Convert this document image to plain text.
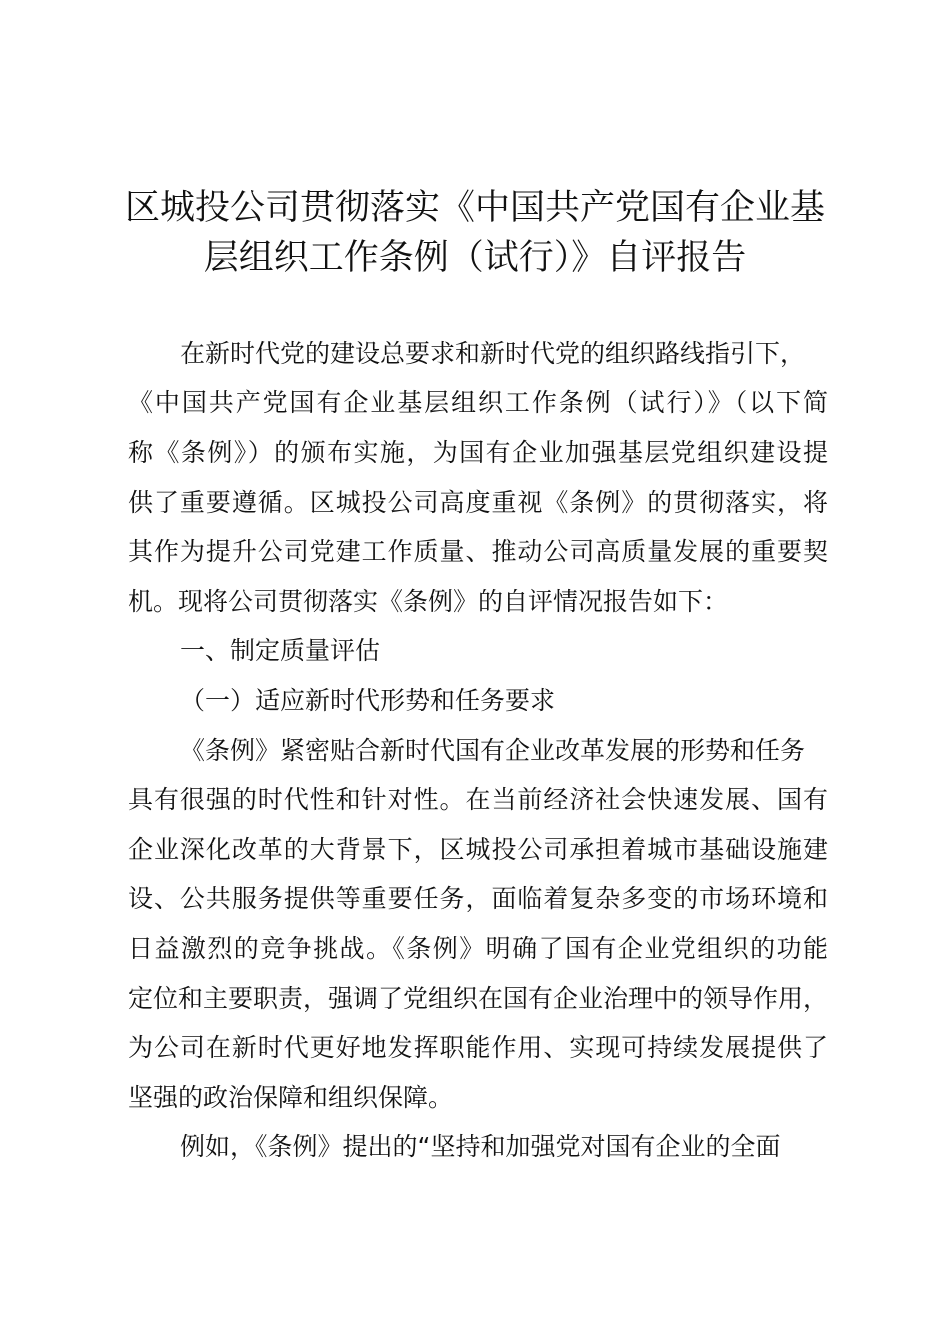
区城投公司贯彻落实《中国共产党国有企业基
层组织工作条例（试行）》自评报告

在新时代党的建设总要求和新时代党的组织路线指引下，

《中国共产党国有企业基层组织工作条例（试行）》（以下简

称《条例》）的颁布实施，为国有企业加强基层党组织建设提

供了重要遵循。区城投公司高度重视《条例》的贯彻落实，将

其作为提升公司党建工作质量、推动公司高质量发展的重要契

机。现将公司贯彻落实《条例》的自评情况报告如下：

一、制定质量评估

（一）适应新时代形势和任务要求

《条例》紧密贴合新时代国有企业改革发展的形势和任务

具有很强的时代性和针对性。在当前经济社会快速发展、国有

企业深化改革的大背景下，区城投公司承担着城市基础设施建

设、公共服务提供等重要任务，面临着复杂多变的市场环境和

日益激烈的竞争挑战。《条例》明确了国有企业党组织的功能

定位和主要职责，强调了党组织在国有企业治理中的领导作用，

为公司在新时代更好地发挥职能作用、实现可持续发展提供了

坚强的政治保障和组织保障。

例如，《条例》提出的“坚持和加强党对国有企业的全面
